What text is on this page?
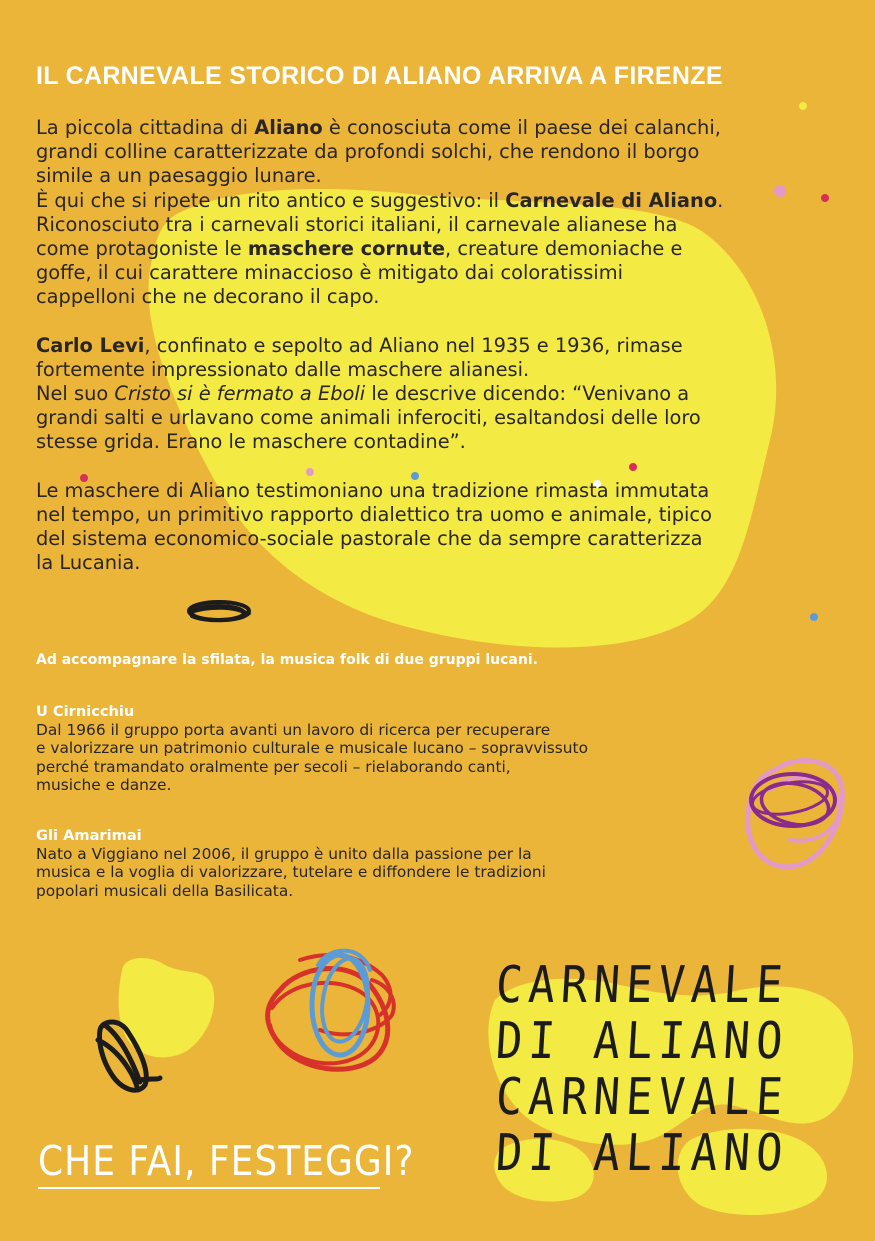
IL CARNEVALE STORICO DI ALIANO ARRIVA A FIRENZE

La piccola cittadina di Aliano è conosciuta come il paese dei calanchi,
grandi colline caratterizzate da profondi solchi, che rendono il borgo
simile a un paesaggio lunare.
È qui che si ripete un rito antico e suggestivo: il Carnevale di Aliano.
Riconosciuto tra i carnevali storici italiani, il carnevale alianese ha
come protagoniste le maschere cornute, creature demoniache e
goffe, il cui carattere minaccioso è mitigato dai coloratissimi
cappelloni che ne decorano il capo.

Carlo Levi, confinato e sepolto ad Aliano nel 1935 e 1936, rimase
fortemente impressionato dalle maschere alianesi.
Nel suo Cristo si è fermato a Eboli le descrive dicendo: “Venivano a
grandi salti e urlavano come animali inferociti, esaltandosi delle loro
stesse grida. Erano le maschere contadine”.

Le maschere di Aliano testimoniano una tradizione rimasta immutata
nel tempo, un primitivo rapporto dialettico tra uomo e animale, tipico
del sistema economico-sociale pastorale che da sempre caratterizza
la Lucania.

Ad accompagnare la sfilata, la musica folk di due gruppi lucani.
U Cirnicchiu
Dal 1966 il gruppo porta avanti un lavoro di ricerca per recuperare
e valorizzare un patrimonio culturale e musicale lucano – sopravvissuto
perché tramandato oralmente per secoli – rielaborando canti,
musiche e danze.
Gli Amarimai
Nato a Viggiano nel 2006, il gruppo è unito dalla passione per la
musica e la voglia di valorizzare, tutelare e diffondere le tradizioni
popolari musicali della Basilicata.
CHE FAI, FESTEGGI?
CARNEVALE
DI ALIANO
CARNEVALE
DI ALIANO
